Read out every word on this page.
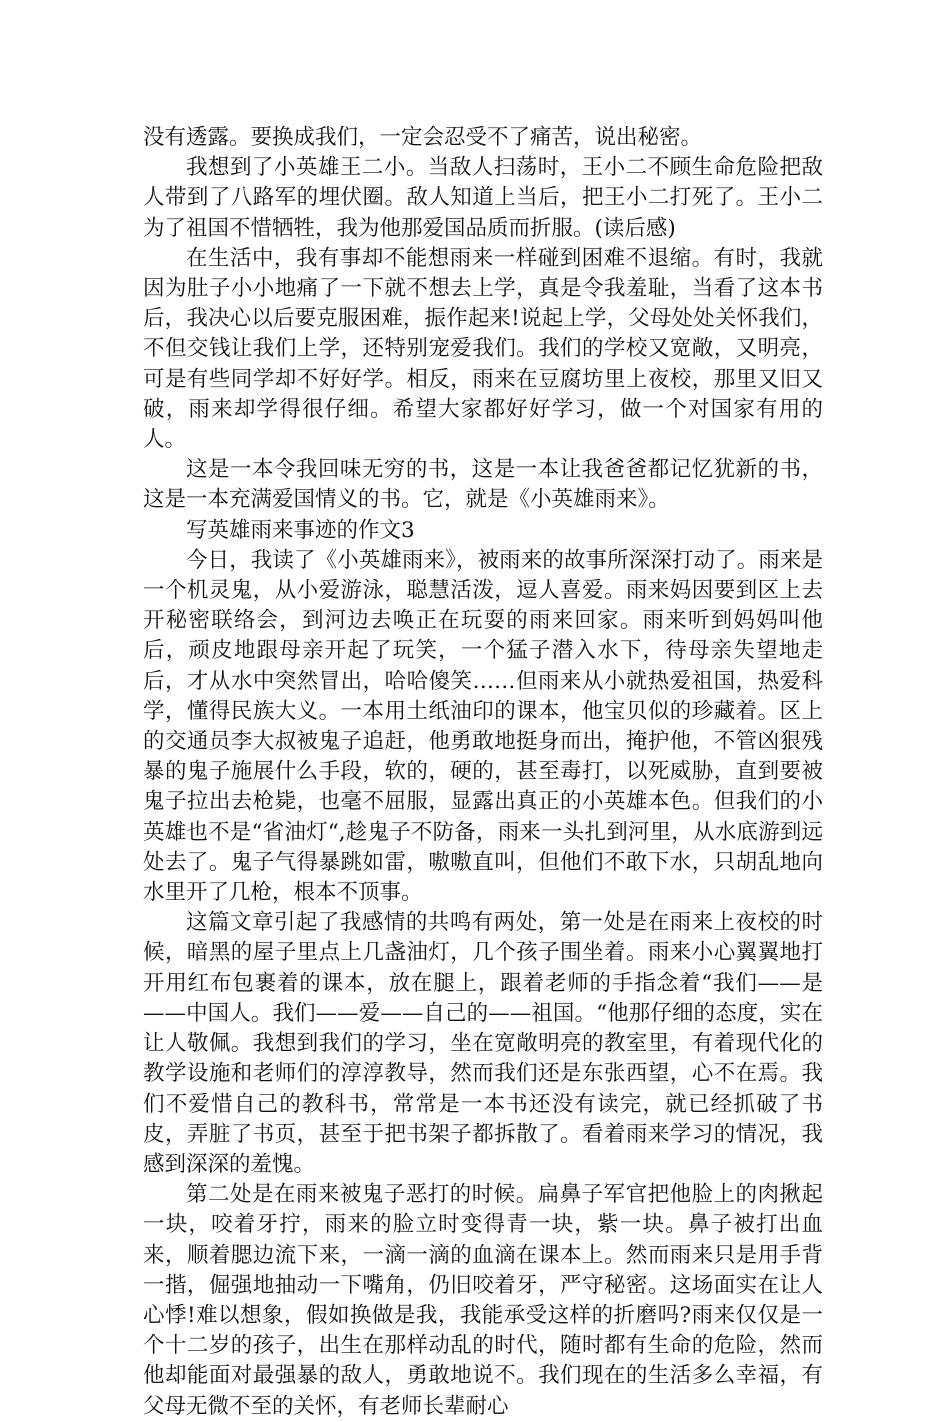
没有透露。要换成我们，一定会忍受不了痛苦，说出秘密。

我想到了小英雄王二小。当敌人扫荡时，王小二不顾生命危险把敌人带到了八路军的埋伏圈。敌人知道上当后，把王小二打死了。王小二为了祖国不惜牺牲，我为他那爱国品质而折服。(读后感)

在生活中，我有事却不能想雨来一样碰到困难不退缩。有时，我就因为肚子小小地痛了一下就不想去上学，真是令我羞耻，当看了这本书后，我决心以后要克服困难，振作起来!说起上学，父母处处关怀我们，不但交钱让我们上学，还特别宠爱我们。我们的学校又宽敞，又明亮，可是有些同学却不好好学。相反，雨来在豆腐坊里上夜校，那里又旧又破，雨来却学得很仔细。希望大家都好好学习，做一个对国家有用的人。

这是一本令我回味无穷的书，这是一本让我爸爸都记忆犹新的书，这是一本充满爱国情义的书。它，就是《小英雄雨来》。

写英雄雨来事迹的作文3

今日，我读了《小英雄雨来》，被雨来的故事所深深打动了。雨来是一个机灵鬼，从小爱游泳，聪慧活泼，逗人喜爱。雨来妈因要到区上去开秘密联络会，到河边去唤正在玩耍的雨来回家。雨来听到妈妈叫他后，顽皮地跟母亲开起了玩笑，一个猛子潜入水下，待母亲失望地走后，才从水中突然冒出，哈哈傻笑……但雨来从小就热爱祖国，热爱科学，懂得民族大义。一本用土纸油印的课本，他宝贝似的珍藏着。区上的交通员李大叔被鬼子追赶，他勇敢地挺身而出，掩护他，不管凶狠残暴的鬼子施展什么手段，软的，硬的，甚至毒打，以死威胁，直到要被鬼子拉出去枪毙，也毫不屈服，显露出真正的小英雄本色。但我们的小英雄也不是“省油灯“,趁鬼子不防备，雨来一头扎到河里，从水底游到远处去了。鬼子气得暴跳如雷，嗷嗷直叫，但他们不敢下水，只胡乱地向水里开了几枪，根本不顶事。

这篇文章引起了我感情的共鸣有两处，第一处是在雨来上夜校的时候，暗黑的屋子里点上几盏油灯，几个孩子围坐着。雨来小心翼翼地打开用红布包裹着的课本，放在腿上，跟着老师的手指念着“我们——是——中国人。我们——爱——自己的——祖国。“他那仔细的态度，实在让人敬佩。我想到我们的学习，坐在宽敞明亮的教室里，有着现代化的教学设施和老师们的淳淳教导，然而我们还是东张西望，心不在焉。我们不爱惜自己的教科书，常常是一本书还没有读完，就已经抓破了书皮，弄脏了书页，甚至于把书架子都拆散了。看着雨来学习的情况，我感到深深的羞愧。

第二处是在雨来被鬼子恶打的时候。扁鼻子军官把他脸上的肉揪起一块，咬着牙拧，雨来的脸立时变得青一块，紫一块。鼻子被打出血来，顺着腮边流下来，一滴一滴的血滴在课本上。然而雨来只是用手背一揩，倔强地抽动一下嘴角，仍旧咬着牙，严守秘密。这场面实在让人心悸!难以想象，假如换做是我，我能承受这样的折磨吗?雨来仅仅是一个十二岁的孩子，出生在那样动乱的时代，随时都有生命的危险，然而他却能面对最强暴的敌人，勇敢地说不。我们现在的生活多么幸福，有父母无微不至的关怀，有老师长辈耐心
